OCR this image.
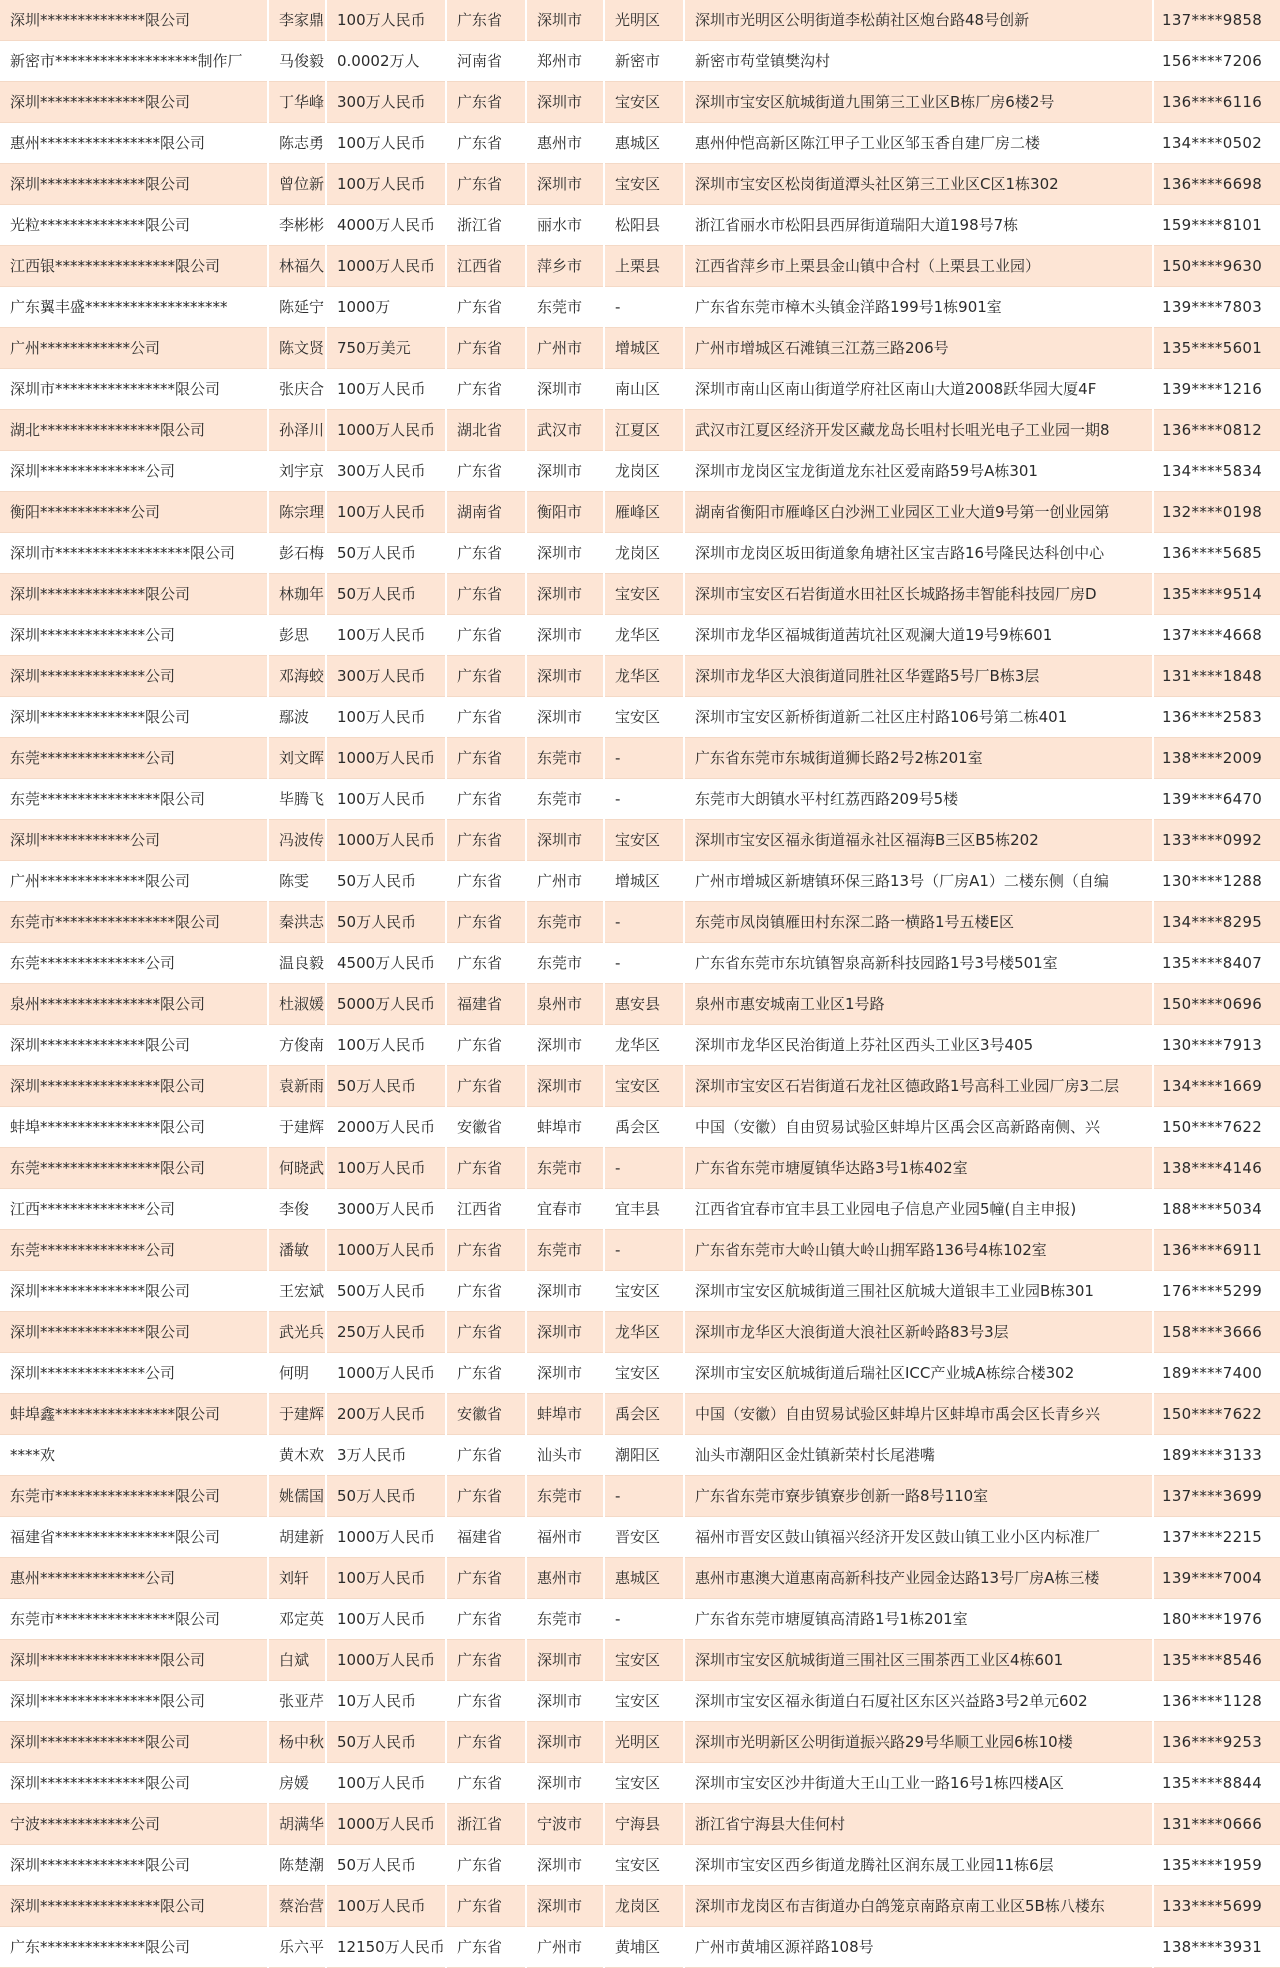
深圳**************限公司	李家鼎	100万人民币	广东省	深圳市	光明区	深圳市光明区公明街道李松蓢社区炮台路48号创新	137****9858
新密市*******************制作厂	马俊毅	0.0002万人	河南省	郑州市	新密市	新密市苟堂镇樊沟村	156****7206
深圳**************限公司	丁华峰	300万人民币	广东省	深圳市	宝安区	深圳市宝安区航城街道九围第三工业区B栋厂房6楼2号	136****6116
惠州****************限公司	陈志勇	100万人民币	广东省	惠州市	惠城区	惠州仲恺高新区陈江甲子工业区邹玉香自建厂房二楼	134****0502
深圳**************限公司	曾位新	100万人民币	广东省	深圳市	宝安区	深圳市宝安区松岗街道潭头社区第三工业区C区1栋302	136****6698
光粒**************限公司	李彬彬	4000万人民币	浙江省	丽水市	松阳县	浙江省丽水市松阳县西屏街道瑞阳大道198号7栋	159****8101
江西银****************限公司	林福久	1000万人民币	江西省	萍乡市	上栗县	江西省萍乡市上栗县金山镇中合村（上栗县工业园）	150****9630
广东翼丰盛*******************	陈延宁	1000万	广东省	东莞市	-	广东省东莞市樟木头镇金洋路199号1栋901室	139****7803
广州************公司	陈文贤	750万美元	广东省	广州市	增城区	广州市增城区石滩镇三江荔三路206号	135****5601
深圳市****************限公司	张庆合	100万人民币	广东省	深圳市	南山区	深圳市南山区南山街道学府社区南山大道2008跃华园大厦4F	139****1216
湖北****************限公司	孙泽川	1000万人民币	湖北省	武汉市	江夏区	武汉市江夏区经济开发区藏龙岛长咀村长咀光电子工业园一期8	136****0812
深圳**************公司	刘宇京	300万人民币	广东省	深圳市	龙岗区	深圳市龙岗区宝龙街道龙东社区爱南路59号A栋301	134****5834
衡阳************公司	陈宗理	100万人民币	湖南省	衡阳市	雁峰区	湖南省衡阳市雁峰区白沙洲工业园区工业大道9号第一创业园第	132****0198
深圳市******************限公司	彭石梅	50万人民币	广东省	深圳市	龙岗区	深圳市龙岗区坂田街道象角塘社区宝吉路16号隆民达科创中心	136****5685
深圳**************限公司	林珈年	50万人民币	广东省	深圳市	宝安区	深圳市宝安区石岩街道水田社区长城路扬丰智能科技园厂房D	135****9514
深圳**************公司	彭思	100万人民币	广东省	深圳市	龙华区	深圳市龙华区福城街道茜坑社区观澜大道19号9栋601	137****4668
深圳**************公司	邓海蛟	300万人民币	广东省	深圳市	龙华区	深圳市龙华区大浪街道同胜社区华霆路5号厂B栋3层	131****1848
深圳**************限公司	鄢波	100万人民币	广东省	深圳市	宝安区	深圳市宝安区新桥街道新二社区庄村路106号第二栋401	136****2583
东莞**************公司	刘文晖	1000万人民币	广东省	东莞市	-	广东省东莞市东城街道狮长路2号2栋201室	138****2009
东莞****************限公司	毕腾飞	100万人民币	广东省	东莞市	-	东莞市大朗镇水平村红荔西路209号5楼	139****6470
深圳************公司	冯波传	1000万人民币	广东省	深圳市	宝安区	深圳市宝安区福永街道福永社区福海B三区B5栋202	133****0992
广州**************限公司	陈雯	50万人民币	广东省	广州市	增城区	广州市增城区新塘镇环保三路13号（厂房A1）二楼东侧（自编	130****1288
东莞市****************限公司	秦洪志	50万人民币	广东省	东莞市	-	东莞市凤岗镇雁田村东深二路一横路1号五楼E区	134****8295
东莞**************公司	温良毅	4500万人民币	广东省	东莞市	-	广东省东莞市东坑镇智泉高新科技园路1号3号楼501室	135****8407
泉州****************限公司	杜淑媛	5000万人民币	福建省	泉州市	惠安县	泉州市惠安城南工业区1号路	150****0696
深圳**************限公司	方俊南	100万人民币	广东省	深圳市	龙华区	深圳市龙华区民治街道上芬社区西头工业区3号405	130****7913
深圳****************限公司	袁新雨	50万人民币	广东省	深圳市	宝安区	深圳市宝安区石岩街道石龙社区德政路1号高科工业园厂房3二层	134****1669
蚌埠****************限公司	于建辉	2000万人民币	安徽省	蚌埠市	禹会区	中国（安徽）自由贸易试验区蚌埠片区禹会区高新路南侧、兴	150****7622
东莞****************限公司	何晓武	100万人民币	广东省	东莞市	-	广东省东莞市塘厦镇华达路3号1栋402室	138****4146
江西**************公司	李俊	3000万人民币	江西省	宜春市	宜丰县	江西省宜春市宜丰县工业园电子信息产业园5幢(自主申报)	188****5034
东莞**************公司	潘敏	1000万人民币	广东省	东莞市	-	广东省东莞市大岭山镇大岭山拥军路136号4栋102室	136****6911
深圳**************限公司	王宏斌	500万人民币	广东省	深圳市	宝安区	深圳市宝安区航城街道三围社区航城大道银丰工业园B栋301	176****5299
深圳**************限公司	武光兵	250万人民币	广东省	深圳市	龙华区	深圳市龙华区大浪街道大浪社区新岭路83号3层	158****3666
深圳**************公司	何明	1000万人民币	广东省	深圳市	宝安区	深圳市宝安区航城街道后瑞社区ICC产业城A栋综合楼302	189****7400
蚌埠鑫****************限公司	于建辉	200万人民币	安徽省	蚌埠市	禹会区	中国（安徽）自由贸易试验区蚌埠片区蚌埠市禹会区长青乡兴	150****7622
****欢	黄木欢	3万人民币	广东省	汕头市	潮阳区	汕头市潮阳区金灶镇新荣村长尾港嘴	189****3133
东莞市****************限公司	姚儒国	50万人民币	广东省	东莞市	-	广东省东莞市寮步镇寮步创新一路8号110室	137****3699
福建省****************限公司	胡建新	1000万人民币	福建省	福州市	晋安区	福州市晋安区鼓山镇福兴经济开发区鼓山镇工业小区内标准厂	137****2215
惠州**************公司	刘轩	100万人民币	广东省	惠州市	惠城区	惠州市惠澳大道惠南高新科技产业园金达路13号厂房A栋三楼	139****7004
东莞市****************限公司	邓定英	100万人民币	广东省	东莞市	-	广东省东莞市塘厦镇高清路1号1栋201室	180****1976
深圳****************限公司	白斌	1000万人民币	广东省	深圳市	宝安区	深圳市宝安区航城街道三围社区三围茶西工业区4栋601	135****8546
深圳****************限公司	张亚芹	10万人民币	广东省	深圳市	宝安区	深圳市宝安区福永街道白石厦社区东区兴益路3号2单元602	136****1128
深圳**************限公司	杨中秋	50万人民币	广东省	深圳市	光明区	深圳市光明新区公明街道振兴路29号华顺工业园6栋10楼	136****9253
深圳**************限公司	房媛	100万人民币	广东省	深圳市	宝安区	深圳市宝安区沙井街道大王山工业一路16号1栋四楼A区	135****8844
宁波************公司	胡满华	1000万人民币	浙江省	宁波市	宁海县	浙江省宁海县大佳何村	131****0666
深圳**************限公司	陈楚潮	50万人民币	广东省	深圳市	宝安区	深圳市宝安区西乡街道龙腾社区润东晟工业园11栋6层	135****1959
深圳****************限公司	蔡治营	100万人民币	广东省	深圳市	龙岗区	深圳市龙岗区布吉街道办白鸽笼京南路京南工业区5B栋八楼东	133****5699
广东**************限公司	乐六平	12150万人民币	广东省	广州市	黄埔区	广州市黄埔区源祥路108号	138****3931
